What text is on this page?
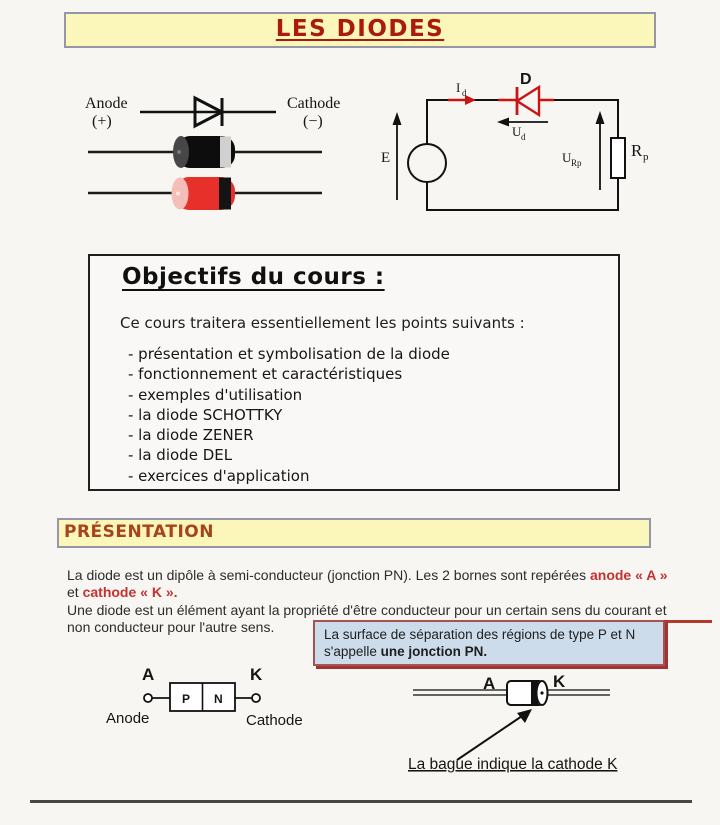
LES DIODES
Anode
(+)
Cathode
(−)
E
I d
D
U d
U Rp
R p
Objectifs du cours :
Ce cours traitera essentiellement les points suivants :
- présentation et symbolisation de la diode
- fonctionnement et caractéristiques
- exemples d'utilisation
- la diode SCHOTTKY
- la diode ZENER
- la diode DEL
- exercices d'application
PRÉSENTATION
La diode est un dipôle à semi-conducteur (jonction PN). Les 2 bornes sont repérées anode « A »
et cathode « K ».
Une diode est un élément ayant la propriété d'être conducteur pour un certain sens du courant et
non conducteur pour l'autre sens.	La surface de séparation des régions de type P et N
s'appelle une jonction PN.
A	K
P N
Anode	Cathode
A	K
La bague indique la cathode K
